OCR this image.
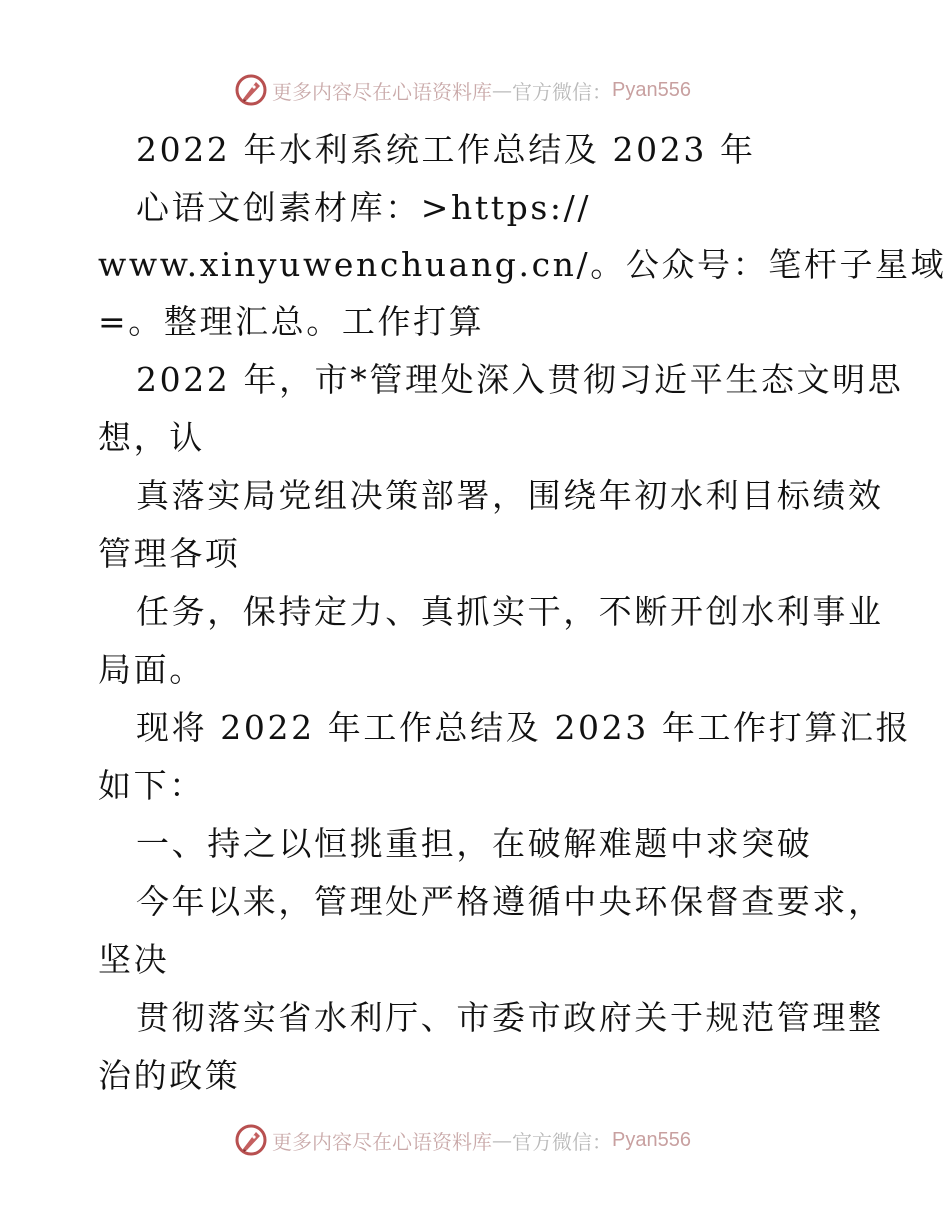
更多内容尽在心语资料库 — 官方微信： Pyan556
2022 年水利系统工作总结及 2023 年
心语文创素材库：>https://
www.xinyuwenchuang.cn/。公众号：笔杆子星域
=。整理汇总。工作打算
2022 年，市*管理处深入贯彻习近平生态文明思
想，认
真落实局党组决策部署，围绕年初水利目标绩效
管理各项
任务，保持定力、真抓实干，不断开创水利事业
局面。
现将 2022 年工作总结及 2023 年工作打算汇报
如下：
一、持之以恒挑重担，在破解难题中求突破
今年以来，管理处严格遵循中央环保督查要求，
坚决
贯彻落实省水利厅、市委市政府关于规范管理整
治的政策
更多内容尽在心语资料库 — 官方微信： Pyan556
